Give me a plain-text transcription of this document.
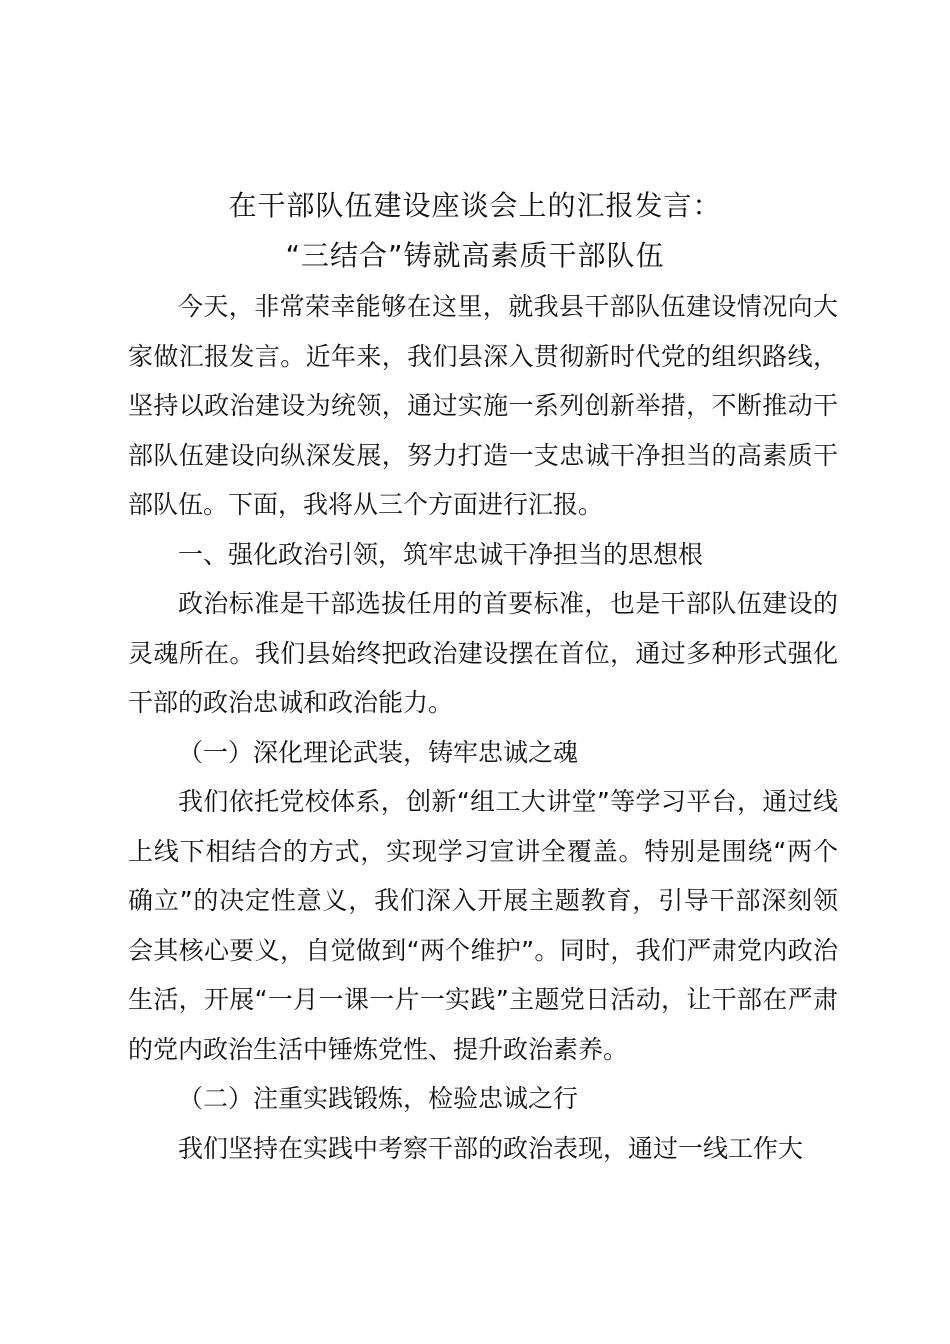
在干部队伍建设座谈会上的汇报发言：
“三结合”铸就高素质干部队伍

今天，非常荣幸能够在这里，就我县干部队伍建设情况向大家做汇报发言。近年来，我们县深入贯彻新时代党的组织路线，坚持以政治建设为统领，通过实施一系列创新举措，不断推动干部队伍建设向纵深发展，努力打造一支忠诚干净担当的高素质干部队伍。下面，我将从三个方面进行汇报。

一、强化政治引领，筑牢忠诚干净担当的思想根

政治标准是干部选拔任用的首要标准，也是干部队伍建设的灵魂所在。我们县始终把政治建设摆在首位，通过多种形式强化干部的政治忠诚和政治能力。

（一）深化理论武装，铸牢忠诚之魂

我们依托党校体系，创新“组工大讲堂”等学习平台，通过线上线下相结合的方式，实现学习宣讲全覆盖。特别是围绕“两个确立”的决定性意义，我们深入开展主题教育，引导干部深刻领会其核心要义，自觉做到“两个维护”。同时，我们严肃党内政治生活，开展“一月一课一片一实践”主题党日活动，让干部在严肃的党内政治生活中锤炼党性、提升政治素养。

（二）注重实践锻炼，检验忠诚之行

我们坚持在实践中考察干部的政治表现，通过一线工作大
